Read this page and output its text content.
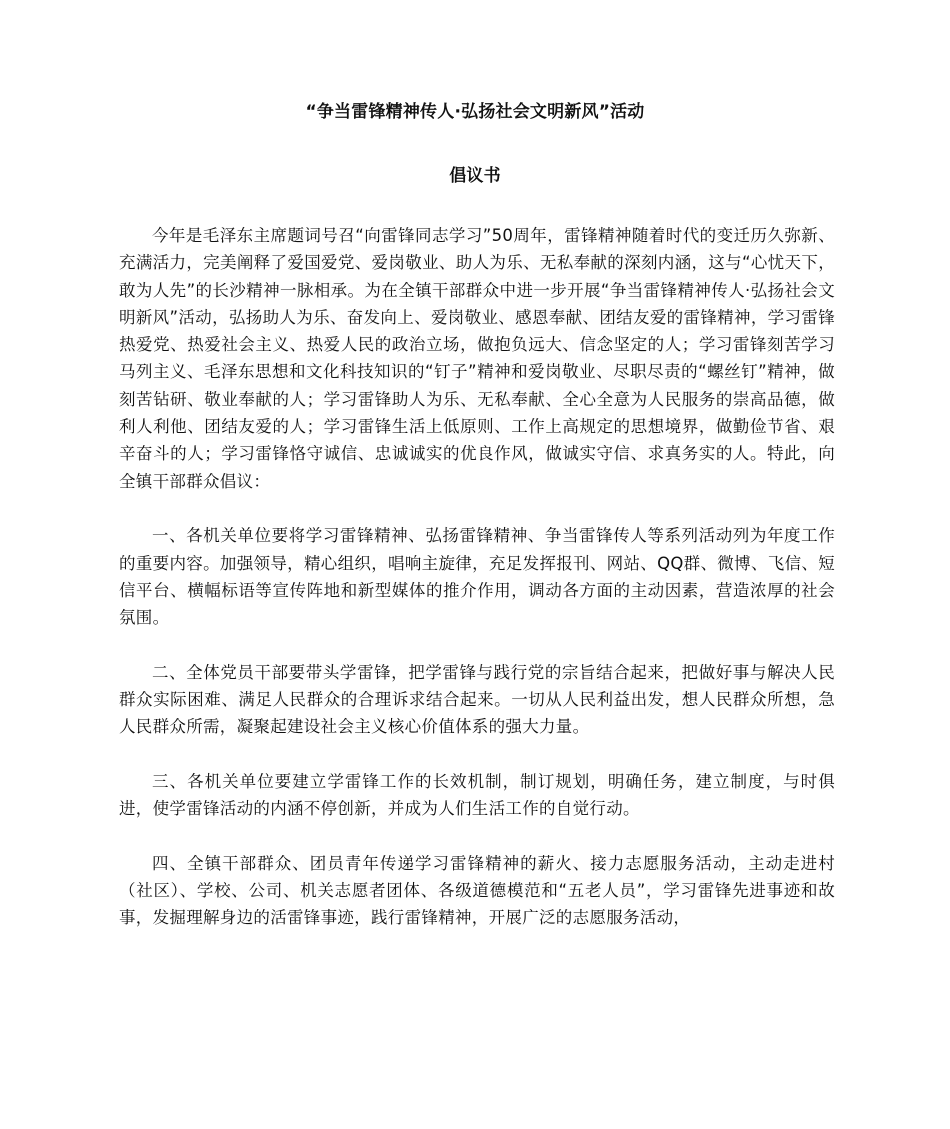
“争当雷锋精神传人·弘扬社会文明新风”活动
倡议书

今年是毛泽东主席题词号召“向雷锋同志学习”50周年，雷锋精神随着时代的变迁历久弥新、充满活力，完美阐释了爱国爱党、爱岗敬业、助人为乐、无私奉献的深刻内涵，这与“心忧天下，敢为人先”的长沙精神一脉相承。为在全镇干部群众中进一步开展“争当雷锋精神传人·弘扬社会文明新风”活动，弘扬助人为乐、奋发向上、爱岗敬业、感恩奉献、团结友爱的雷锋精神，学习雷锋热爱党、热爱社会主义、热爱人民的政治立场，做抱负远大、信念坚定的人；学习雷锋刻苦学习马列主义、毛泽东思想和文化科技知识的“钉子”精神和爱岗敬业、尽职尽责的“螺丝钉”精神，做刻苦钻研、敬业奉献的人；学习雷锋助人为乐、无私奉献、全心全意为人民服务的崇高品德，做利人利他、团结友爱的人；学习雷锋生活上低原则、工作上高规定的思想境界，做勤俭节省、艰辛奋斗的人；学习雷锋恪守诚信、忠诚诚实的优良作风，做诚实守信、求真务实的人。特此，向全镇干部群众倡议：

一、各机关单位要将学习雷锋精神、弘扬雷锋精神、争当雷锋传人等系列活动列为年度工作的重要内容。加强领导，精心组织，唱响主旋律，充足发挥报刊、网站、QQ群、微博、飞信、短信平台、横幅标语等宣传阵地和新型媒体的推介作用，调动各方面的主动因素，营造浓厚的社会氛围。

二、全体党员干部要带头学雷锋，把学雷锋与践行党的宗旨结合起来，把做好事与解决人民群众实际困难、满足人民群众的合理诉求结合起来。一切从人民利益出发，想人民群众所想，急人民群众所需，凝聚起建设社会主义核心价值体系的强大力量。

三、各机关单位要建立学雷锋工作的长效机制，制订规划，明确任务，建立制度，与时俱进，使学雷锋活动的内涵不停创新，并成为人们生活工作的自觉行动。

四、全镇干部群众、团员青年传递学习雷锋精神的薪火、接力志愿服务活动，主动走进村（社区）、学校、公司、机关志愿者团体、各级道德模范和“五老人员”，学习雷锋先进事迹和故事，发掘理解身边的活雷锋事迹，践行雷锋精神，开展广泛的志愿服务活动，
